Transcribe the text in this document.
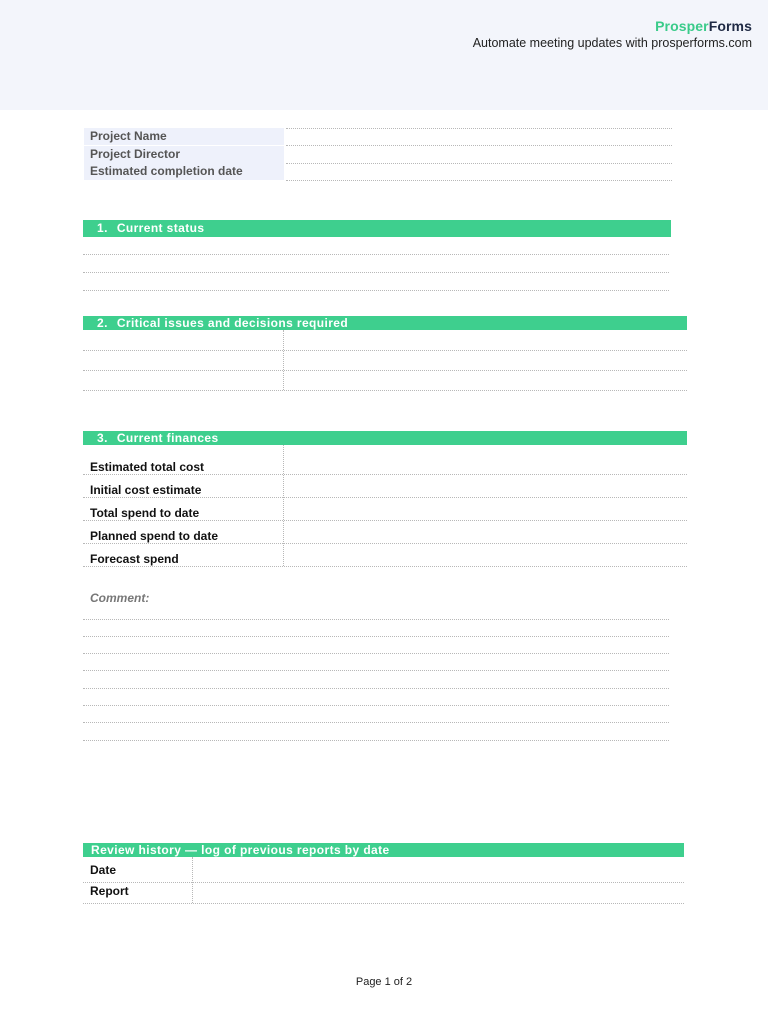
ProsperForms
Automate meeting updates with prosperforms.com
Project Name
Project Director
Estimated completion date
1. Current status
2. Critical issues and decisions required
3. Current finances
Estimated total cost
Initial cost estimate
Total spend to date
Planned spend to date
Forecast spend
Comment:
Review history — log of previous reports by date
Date
Report
Page 1 of 2
